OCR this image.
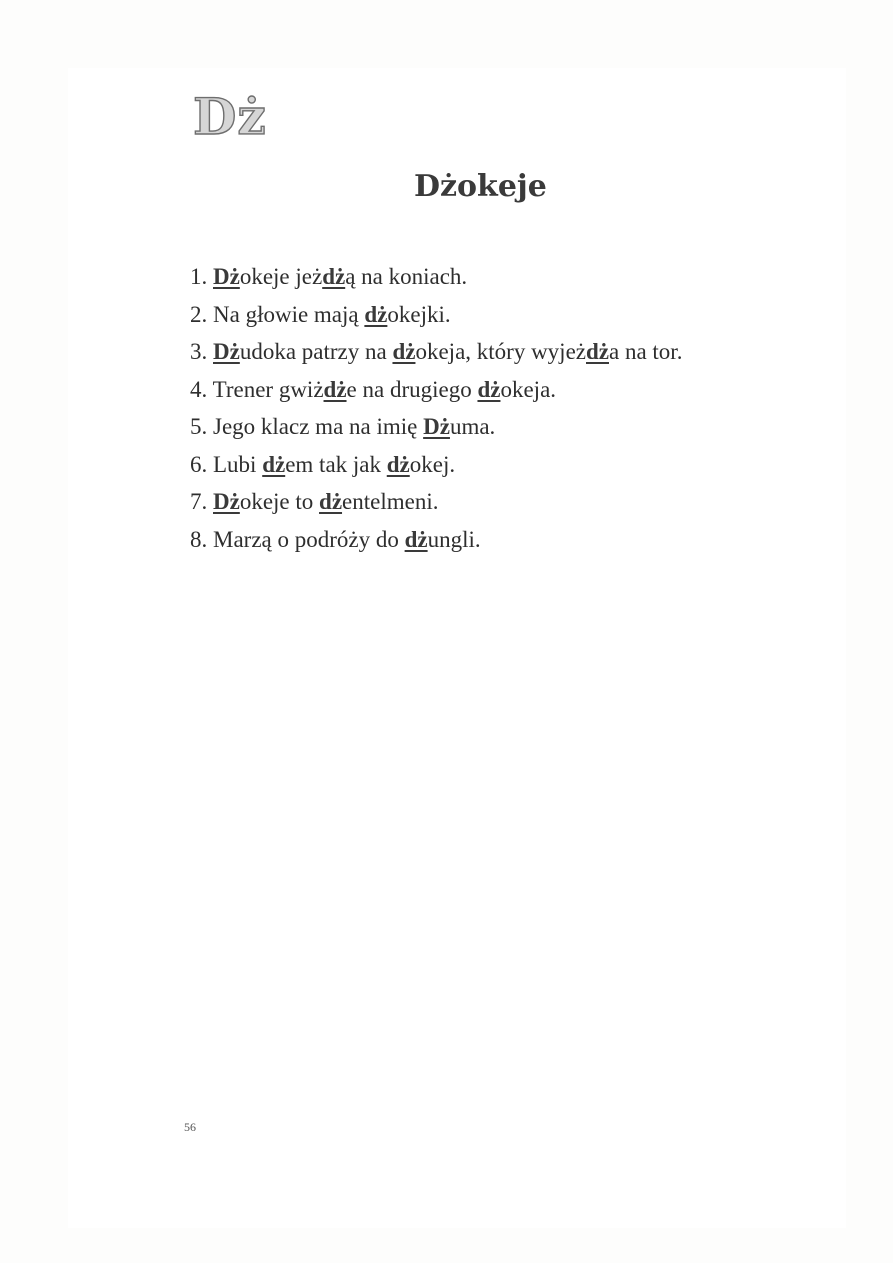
Dż
Dżokeje
1. Dżokeje jeżdżą na koniach.
2. Na głowie mają dżokejki.
3. Dżudoka patrzy na dżokeja, który wyjeżdża na tor.
4. Trener gwiżdże na drugiego dżokeja.
5. Jego klacz ma na imię Dżuma.
6. Lubi dżem tak jak dżokej.
7. Dżokeje to dżentelmeni.
8. Marzą o podróży do dżungli.
56
